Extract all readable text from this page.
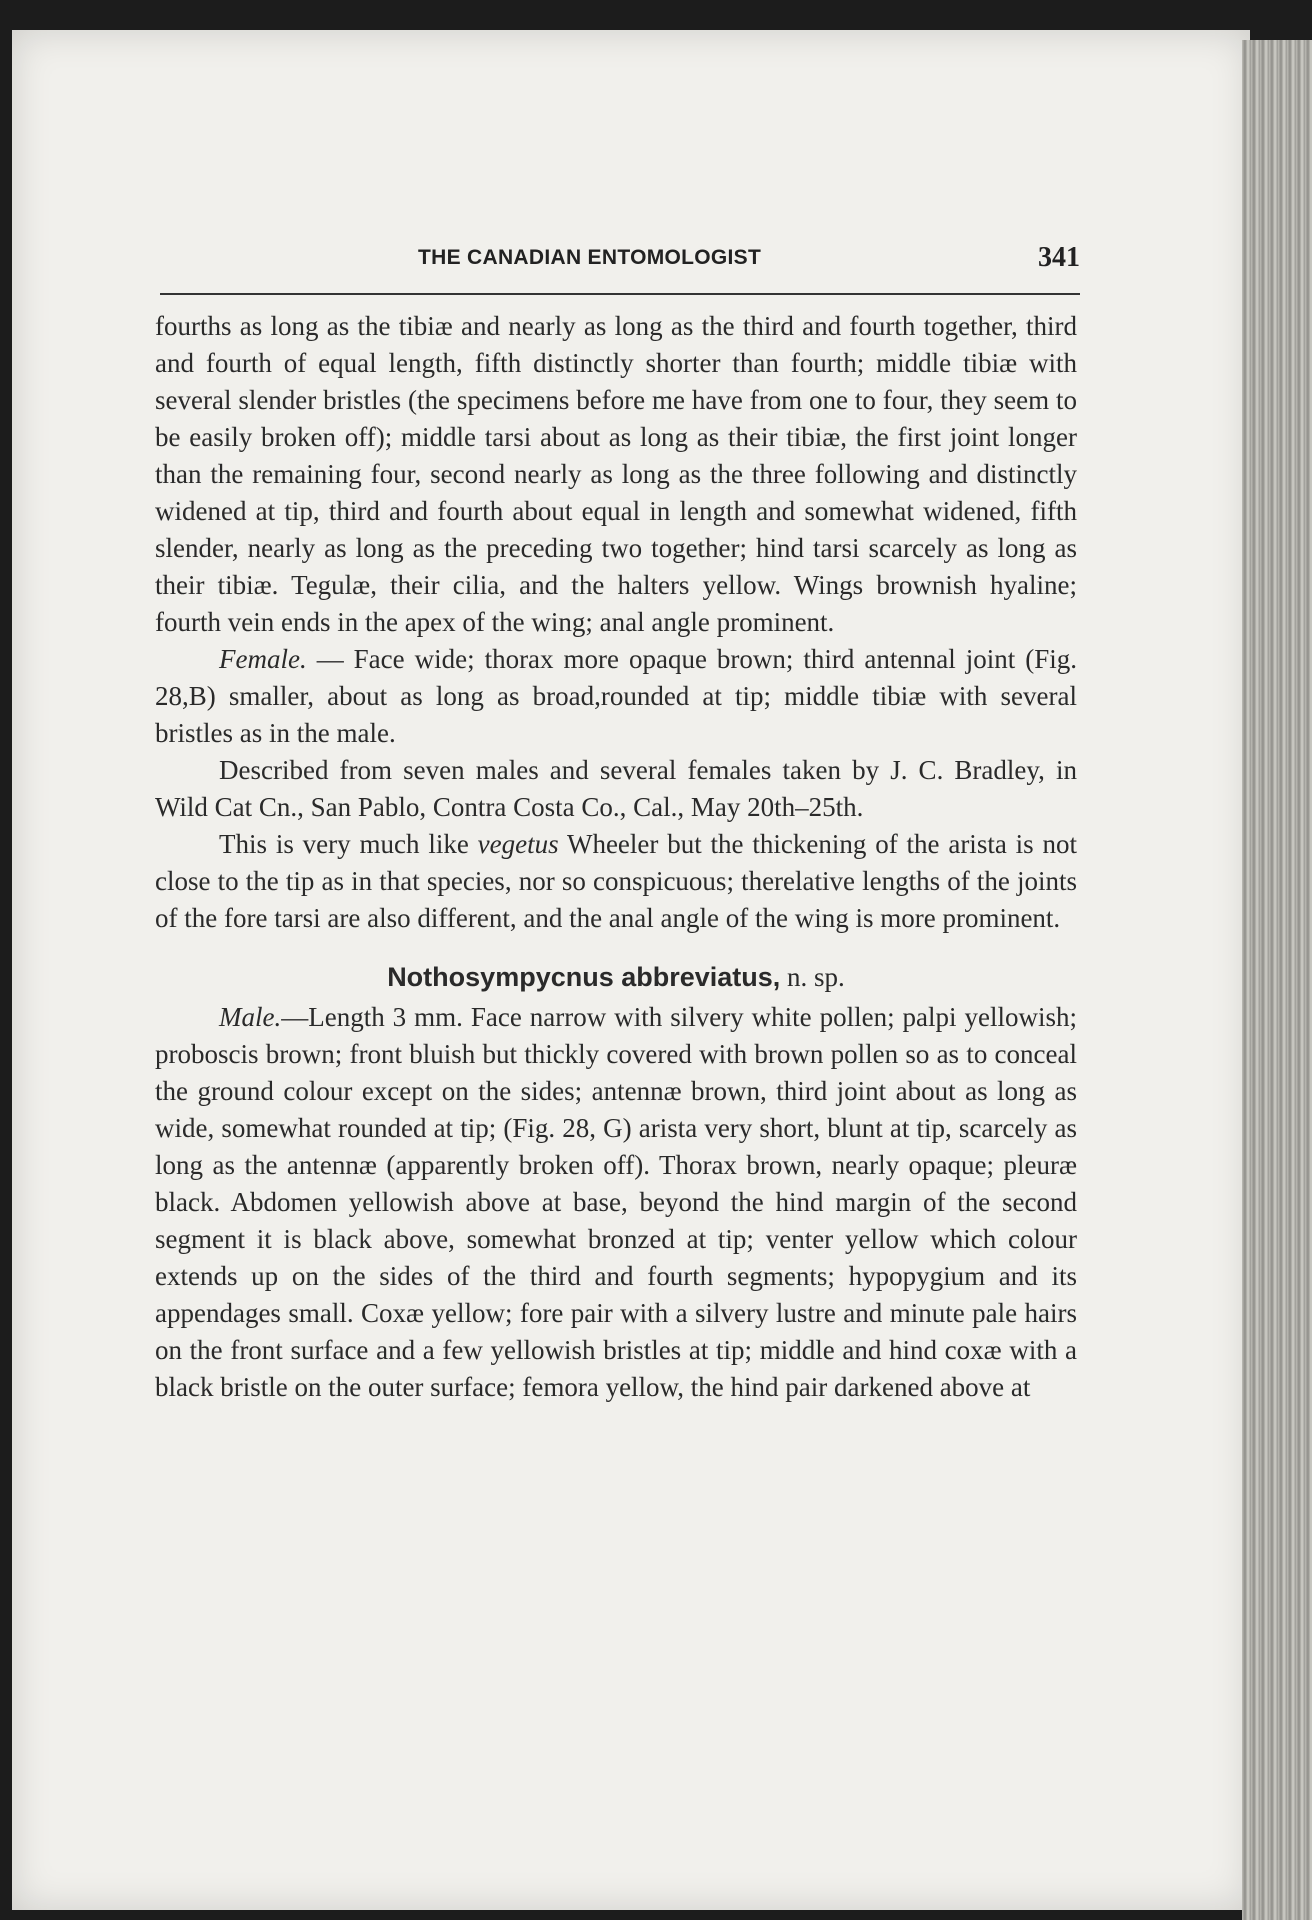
THE CANADIAN ENTOMOLOGIST	341

fourths as long as the tibiæ and nearly as long as the third and fourth together, third and fourth of equal length, fifth distinctly shorter than fourth; middle tibiæ with several slender bristles (the specimens before me have from one to four, they seem to be easily broken off); middle tarsi about as long as their tibiæ, the first joint longer than the remaining four, second nearly as long as the three following and distinctly widened at tip, third and fourth about equal in length and somewhat widened, fifth slender, nearly as long as the preceding two together; hind tarsi scarcely as long as their tibiæ. Tegulæ, their cilia, and the halters yellow. Wings brownish hyaline; fourth vein ends in the apex of the wing; anal angle prominent.

Female. — Face wide; thorax more opaque brown; third antennal joint (Fig. 28,B) smaller, about as long as broad,rounded at tip; middle tibiæ with several bristles as in the male.

Described from seven males and several females taken by J. C. Bradley, in Wild Cat Cn., San Pablo, Contra Costa Co., Cal., May 20th–25th.

This is very much like vegetus Wheeler but the thickening of the arista is not close to the tip as in that species, nor so conspicuous; therelative lengths of the joints of the fore tarsi are also different, and the anal angle of the wing is more prominent.

Nothosympycnus abbreviatus, n. sp.

Male.—Length 3 mm. Face narrow with silvery white pollen; palpi yellowish; proboscis brown; front bluish but thickly covered with brown pollen so as to conceal the ground colour except on the sides; antennæ brown, third joint about as long as wide, somewhat rounded at tip; (Fig. 28, G) arista very short, blunt at tip, scarcely as long as the antennæ (apparently broken off). Thorax brown, nearly opaque; pleuræ black. Abdomen yellowish above at base, beyond the hind margin of the second segment it is black above, somewhat bronzed at tip; venter yellow which colour extends up on the sides of the third and fourth segments; hypopygium and its appendages small. Coxæ yellow; fore pair with a silvery lustre and minute pale hairs on the front surface and a few yellowish bristles at tip; middle and hind coxæ with a black bristle on the outer surface; femora yellow, the hind pair darkened above at
